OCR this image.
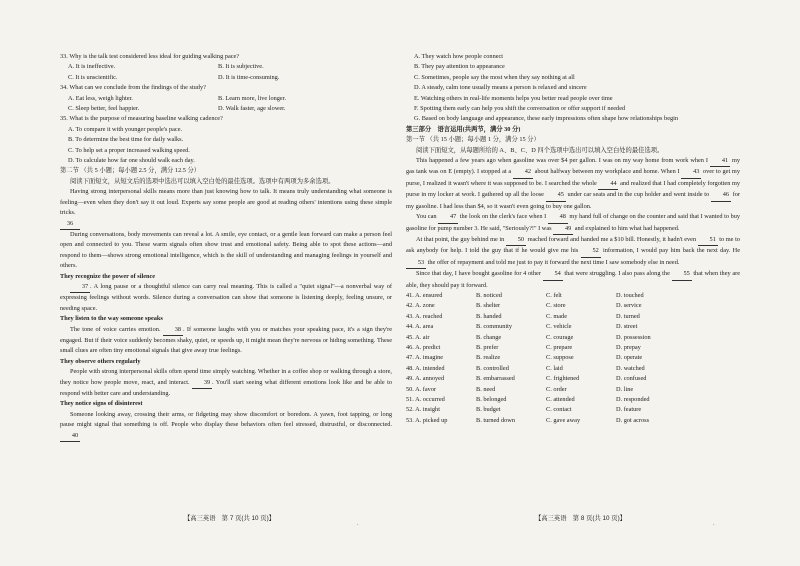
33. Why is the talk test considered less ideal for guiding walking pace?
A. It is ineffective.	B. It is subjective.
C. It is unscientific.	D. It is time-consuming.
34. What can we conclude from the findings of the study?
A. Eat less, weigh lighter.	B. Learn more, live longer.
C. Sleep better, feel happier.	D. Walk faster, age slower.
35. What is the purpose of measuring baseline walking cadence?
A. To compare it with younger people's pace.
B. To determine the best time for daily walks.
C. To help set a proper increased walking speed.
D. To calculate how far one should walk each day.
第二节 （共 5 小题；每小题 2.5 分，满分 12.5 分）
阅读下面短文，从短文后的选项中选出可以填入空白处的最佳选项。选项中有两项为多余选项。
Having strong interpersonal skills means more than just knowing how to talk. It means truly understanding what someone is feeling—even when they don't say it out loud. Experts say some people are good at reading others' intentions using these simple tricks.
36
During conversations, body movements can reveal a lot. A smile, eye contact, or a gentle lean forward can make a person feel open and connected to you. These warm signals often show trust and emotional safety. Being able to spot these actions—and respond to them—shows strong emotional intelligence, which is the skill of understanding and managing feelings in yourself and others.
They recognize the power of silence
37 . A long pause or a thoughtful silence can carry real meaning. This is called a "quiet signal"—a nonverbal way of expressing feelings without words. Silence during a conversation can show that someone is listening deeply, feeling unsure, or needing space.
They listen to the way someone speaks
The tone of voice carries emotion. 38 . If someone laughs with you or matches your speaking pace, it's a sign they're engaged. But if their voice suddenly becomes shaky, quiet, or speeds up, it might mean they're nervous or hiding something. These small clues are often tiny emotional signals that give away true feelings.
They observe others regularly
People with strong interpersonal skills often spend time simply watching. Whether in a coffee shop or walking through a store, they notice how people move, react, and interact. 39 . You'll start seeing what different emotions look like and be able to respond with better care and understanding.
They notice signs of disinterest
Someone looking away, crossing their arms, or fidgeting may show discomfort or boredom. A yawn, foot tapping, or long pause might signal that something is off. People who display these behaviors often feel stressed, distrustful, or disconnected. 40
A. They watch how people connect
B. They pay attention to appearance
C. Sometimes, people say the most when they say nothing at all
D. A steady, calm tone usually means a person is relaxed and sincere
E. Watching others in real-life moments helps you better read people over time
F. Spotting them early can help you shift the conversation or offer support if needed
G. Based on body language and appearance, these early impressions often shape how relationships begin
第三部分　语言运用(共两节，满分 30 分)
第一节 （共 15 小题；每小题 1 分，满分 15 分）
阅读下面短文，从每题所给的 A、B、C、D 四个选项中选出可以填入空白处的最佳选项。
This happened a few years ago when gasoline was over $4 per gallon. I was on my way home from work when I 41 my gas tank was on E (empty). I stopped at a 42 about halfway between my workplace and home. When I 43 over to get my purse, I realized it wasn't where it was supposed to be. I searched the whole 44 and realized that I had completely forgotten my purse in my locker at work. I gathered up all the loose 45 under car seats and in the cup holder and went inside to 46 for my gasoline. I had less than $4, so it wasn't even going to buy one gallon.
You can 47 the look on the clerk's face when I 48 my hand full of change on the counter and said that I wanted to buy gasoline for pump number 3. He said, "Seriously?!" I was 49 and explained to him what had happened.
At that point, the guy behind me in 50 reached forward and handed me a $10 bill. Honestly, it hadn't even 51 to me to ask anybody for help. I told the guy that if he would give me his 52 information, I would pay him back the next day. He 53 the offer of repayment and told me just to pay it forward the next time I saw somebody else in need.
Since that day, I have bought gasoline for 4 other 54 that were struggling. I also pass along the 55 that when they are able, they should pay it forward.
41. A. ensured	B. noticed	C. felt	D. touched
42. A. zone	B. shelter	C. store	D. service
43. A. reached	B. handed	C. made	D. turned
44. A. area	B. community	C. vehicle	D. street
45. A. air	B. change	C. courage	D. possession
46. A. predict	B. prefer	C. prepare	D. prepay
47. A. imagine	B. realize	C. suppose	D. operate
48. A. intended	B. controlled	C. laid	D. watched
49. A. annoyed	B. embarrassed	C. frightened	D. confused
50. A. favor	B. need	C. order	D. line
51. A. occurred	B. belonged	C. attended	D. responded
52. A. insight	B. budget	C. contact	D. feature
53. A. picked up	B. turned down	C. gave away	D. got across
【高三英语　第 7 页(共 10 页)】	【高三英语　第 8 页(共 10 页)】
.	.
